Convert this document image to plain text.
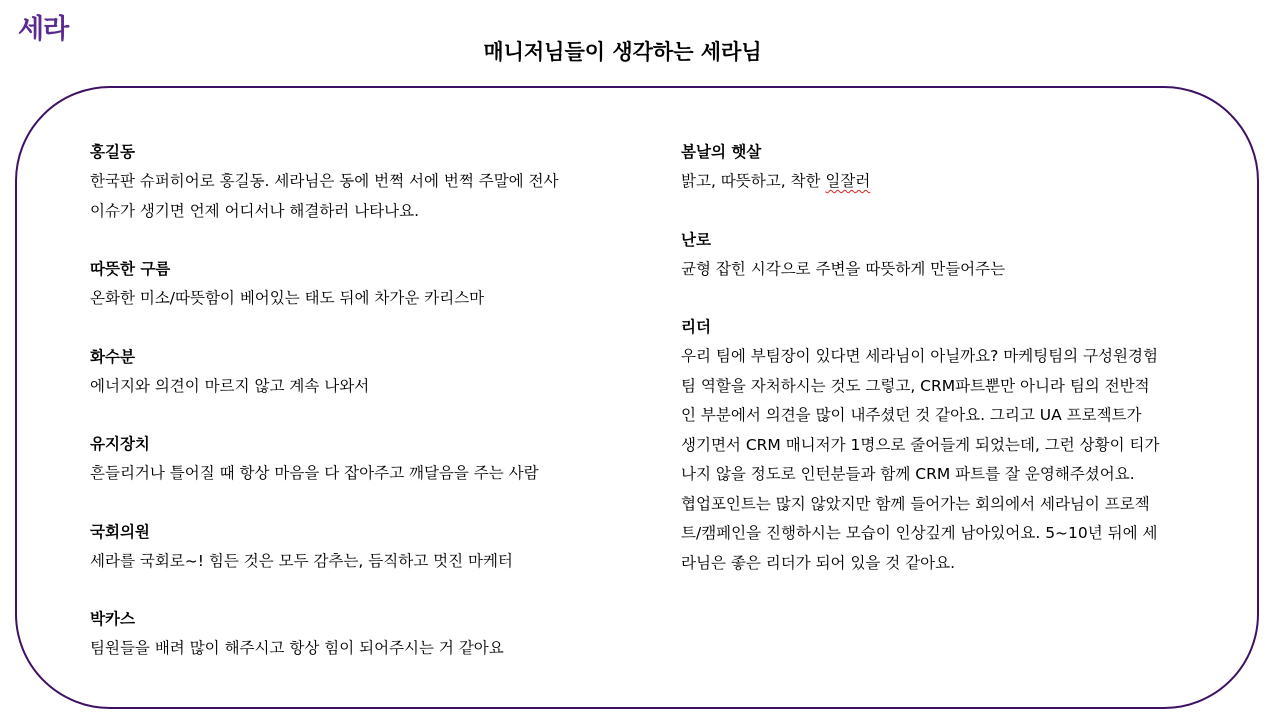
세라
매니저님들이 생각하는 세라님

홍길동

한국판 슈퍼히어로 홍길동. 세라님은 동에 번쩍 서에 번쩍 주말에 전사

이슈가 생기면 언제 어디서나 해결하러 나타나요.

따뜻한 구름

온화한 미소/따뜻함이 베어있는 태도 뒤에 차가운 카리스마

화수분

에너지와 의견이 마르지 않고 계속 나와서

유지장치

흔들리거나 틀어질 때 항상 마음을 다 잡아주고 깨달음을 주는 사람

국회의원

세라를 국회로~! 힘든 것은 모두 감추는, 듬직하고 멋진 마케터

박카스

팀원들을 배려 많이 해주시고 항상 힘이 되어주시는 거 같아요

봄날의 햇살

밝고, 따뜻하고, 착한 일잘러

난로

균형 잡힌 시각으로 주변을 따뜻하게 만들어주는

리더

우리 팀에 부팀장이 있다면 세라님이 아닐까요? 마케팅팀의 구성원경험

팀 역할을 자처하시는 것도 그렇고, CRM파트뿐만 아니라 팀의 전반적

인 부분에서 의견을 많이 내주셨던 것 같아요. 그리고 UA 프로젝트가

생기면서 CRM 매니저가 1명으로 줄어들게 되었는데, 그런 상황이 티가

나지 않을 정도로 인턴분들과 함께 CRM 파트를 잘 운영해주셨어요.

협업포인트는 많지 않았지만 함께 들어가는 회의에서 세라님이 프로젝

트/캠페인을 진행하시는 모습이 인상깊게 남아있어요. 5~10년 뒤에 세

라님은 좋은 리더가 되어 있을 것 같아요.
